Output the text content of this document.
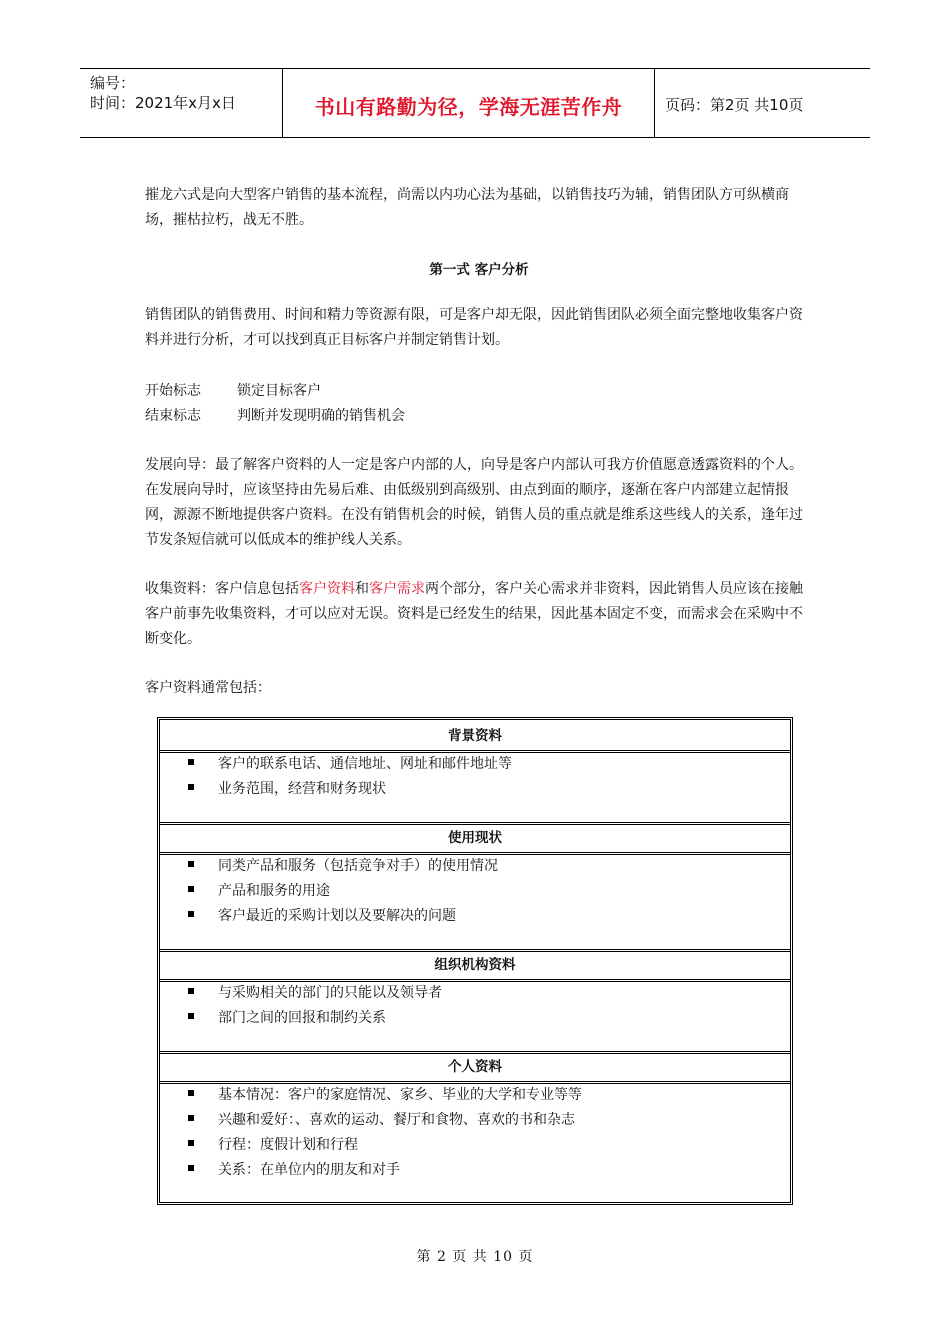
编号：
时间：2021年x月x日	书山有路勤为径，学海无涯苦作舟	页码：第2页 共10页

摧龙六式是向大型客户销售的基本流程，尚需以内功心法为基础，以销售技巧为辅，销售团队方可纵横商场，摧枯拉朽，战无不胜。

第一式 客户分析

销售团队的销售费用、时间和精力等资源有限，可是客户却无限，因此销售团队必须全面完整地收集客户资料并进行分析，才可以找到真正目标客户并制定销售计划。

开始标志	锁定目标客户
结束标志	判断并发现明确的销售机会

发展向导：最了解客户资料的人一定是客户内部的人，向导是客户内部认可我方价值愿意透露资料的个人。在发展向导时，应该坚持由先易后难、由低级别到高级别、由点到面的顺序，逐渐在客户内部建立起情报网，源源不断地提供客户资料。在没有销售机会的时候，销售人员的重点就是维系这些线人的关系，逢年过节发条短信就可以低成本的维护线人关系。

收集资料：客户信息包括客户资料和客户需求两个部分，客户关心需求并非资料，因此销售人员应该在接触客户前事先收集资料，才可以应对无误。资料是已经发生的结果，因此基本固定不变，而需求会在采购中不断变化。

客户资料通常包括：

背景资料
客户的联系电话、通信地址、网址和邮件地址等
业务范围，经营和财务现状
使用现状
同类产品和服务（包括竞争对手）的使用情况
产品和服务的用途
客户最近的采购计划以及要解决的问题
组织机构资料
与采购相关的部门的只能以及领导者
部门之间的回报和制约关系
个人资料
基本情况：客户的家庭情况、家乡、毕业的大学和专业等等
兴趣和爱好：、喜欢的运动、餐厅和食物、喜欢的书和杂志
行程：度假计划和行程
关系：在单位内的朋友和对手
第 2 页 共 10 页
